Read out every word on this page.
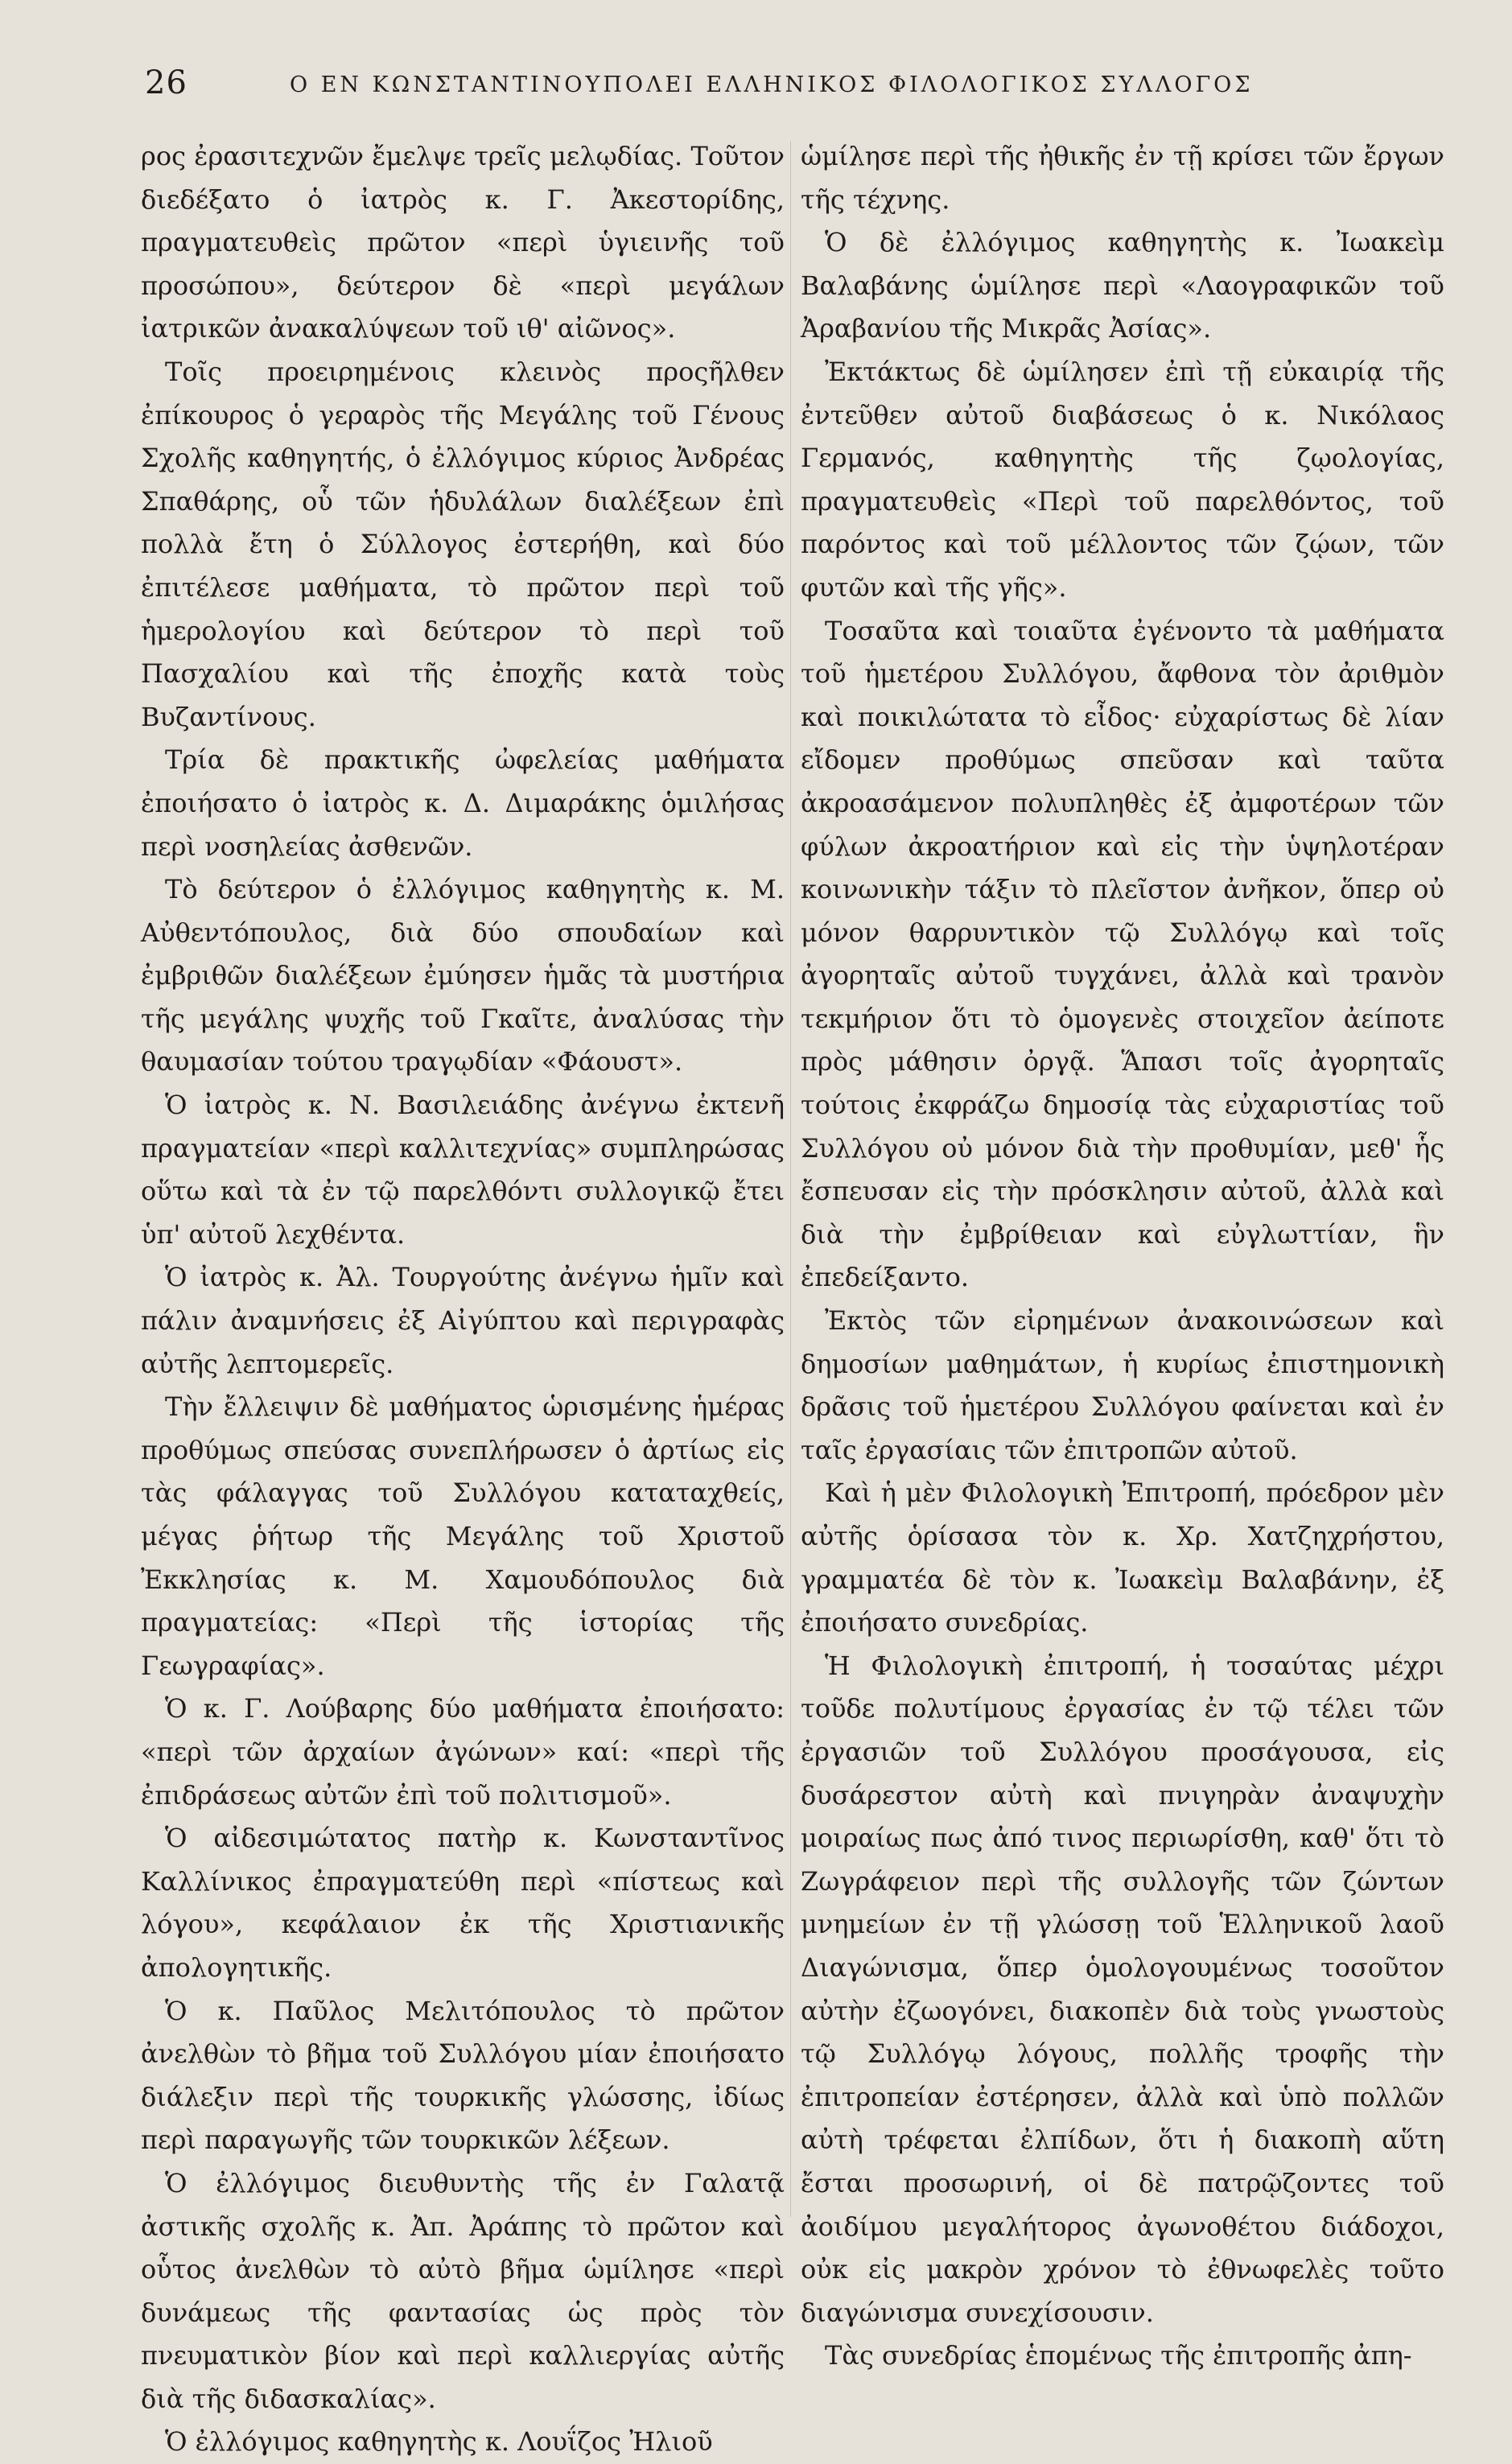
26	Ο ΕΝ ΚΩΝΣΤΑΝΤΙΝΟΥΠΟΛΕΙ ΕΛΛΗΝΙΚΟΣ ΦΙΛΟΛΟΓΙΚΟΣ ΣΥΛΛΟΓΟΣ

ρος ἐρασιτεχνῶν ἔμελψε τρεῖς μελῳδίας. Τοῦτον διεδέξατο ὁ ἰατρὸς κ. Γ. Ἀκεστορίδης, πραγματευθεὶς πρῶτον «περὶ ὑγιεινῆς τοῦ προσώπου», δεύτερον δὲ «περὶ μεγάλων ἰατρικῶν ἀνακαλύψεων τοῦ ιθ' αἰῶνος».

Τοῖς προειρημένοις κλεινὸς προςῆλθεν ἐπίκουρος ὁ γεραρὸς τῆς Μεγάλης τοῦ Γένους Σχολῆς καθηγητής, ὁ ἐλλόγιμος κύριος Ἀνδρέας Σπαθάρης, οὗ τῶν ἡδυλάλων διαλέξεων ἐπὶ πολλὰ ἔτη ὁ Σύλλογος ἐστερήθη, καὶ δύο ἐπιτέλεσε μαθήματα, τὸ πρῶτον περὶ τοῦ ἡμερολογίου καὶ δεύτερον τὸ περὶ τοῦ Πασχαλίου καὶ τῆς ἐποχῆς κατὰ τοὺς Βυζαντίνους.

Τρία δὲ πρακτικῆς ὠφελείας μαθήματα ἐποιήσατο ὁ ἰατρὸς κ. Δ. Διμαράκης ὁμιλήσας περὶ νοσηλείας ἀσθενῶν.

Τὸ δεύτερον ὁ ἐλλόγιμος καθηγητὴς κ. Μ. Αὐθεντόπουλος, διὰ δύο σπουδαίων καὶ ἐμβριθῶν διαλέξεων ἐμύησεν ἡμᾶς τὰ μυστήρια τῆς μεγάλης ψυχῆς τοῦ Γκαῖτε, ἀναλύσας τὴν θαυμασίαν τούτου τραγῳδίαν «Φάουστ».

Ὁ ἰατρὸς κ. Ν. Βασιλειάδης ἀνέγνω ἐκτενῆ πραγματείαν «περὶ καλλιτεχνίας» συμπληρώσας οὕτω καὶ τὰ ἐν τῷ παρελθόντι συλλογικῷ ἔτει ὑπ' αὐτοῦ λεχθέντα.

Ὁ ἰατρὸς κ. Ἀλ. Τουργούτης ἀνέγνω ἡμῖν καὶ πάλιν ἀναμνήσεις ἐξ Αἰγύπτου καὶ περιγραφὰς αὐτῆς λεπτομερεῖς.

Τὴν ἔλλειψιν δὲ μαθήματος ὡρισμένης ἡμέρας προθύμως σπεύσας συνεπλήρωσεν ὁ ἀρτίως εἰς τὰς φάλαγγας τοῦ Συλλόγου καταταχθείς, μέγας ῥήτωρ τῆς Μεγάλης τοῦ Χριστοῦ Ἐκκλησίας κ. Μ. Χαμουδόπουλος διὰ πραγματείας: «Περὶ τῆς ἱστορίας τῆς Γεωγραφίας».

Ὁ κ. Γ. Λούβαρης δύο μαθήματα ἐποιήσατο: «περὶ τῶν ἀρχαίων ἀγώνων» καί: «περὶ τῆς ἐπιδράσεως αὐτῶν ἐπὶ τοῦ πολιτισμοῦ».

Ὁ αἰδεσιμώτατος πατὴρ κ. Κωνσταντῖνος Καλλίνικος ἐπραγματεύθη περὶ «πίστεως καὶ λόγου», κεφάλαιον ἐκ τῆς Χριστιανικῆς ἀπολογητικῆς.

Ὁ κ. Παῦλος Μελιτόπουλος τὸ πρῶτον ἀνελθὼν τὸ βῆμα τοῦ Συλλόγου μίαν ἐποιήσατο διάλεξιν περὶ τῆς τουρκικῆς γλώσσης, ἰδίως περὶ παραγωγῆς τῶν τουρκικῶν λέξεων.

Ὁ ἐλλόγιμος διευθυντὴς τῆς ἐν Γαλατᾷ ἀστικῆς σχολῆς κ. Ἀπ. Ἀράπης τὸ πρῶτον καὶ οὗτος ἀνελθὼν τὸ αὐτὸ βῆμα ὡμίλησε «περὶ δυνάμεως τῆς φαντασίας ὡς πρὸς τὸν πνευματικὸν βίον καὶ περὶ καλλιεργίας αὐτῆς διὰ τῆς διδασκαλίας».

Ὁ ἐλλόγιμος καθηγητὴς κ. Λουΐζος Ἠλιοῦ

ὡμίλησε περὶ τῆς ἠθικῆς ἐν τῇ κρίσει τῶν ἔργων τῆς τέχνης.

Ὁ δὲ ἐλλόγιμος καθηγητὴς κ. Ἰωακεὶμ Βαλαβάνης ὡμίλησε περὶ «Λαογραφικῶν τοῦ Ἀραβανίου τῆς Μικρᾶς Ἀσίας».

Ἐκτάκτως δὲ ὡμίλησεν ἐπὶ τῇ εὐκαιρίᾳ τῆς ἐντεῦθεν αὐτοῦ διαβάσεως ὁ κ. Νικόλαος Γερμανός, καθηγητὴς τῆς ζῳολογίας, πραγματευθεὶς «Περὶ τοῦ παρελθόντος, τοῦ παρόντος καὶ τοῦ μέλλοντος τῶν ζῴων, τῶν φυτῶν καὶ τῆς γῆς».

Τοσαῦτα καὶ τοιαῦτα ἐγένοντο τὰ μαθήματα τοῦ ἡμετέρου Συλλόγου, ἄφθονα τὸν ἀριθμὸν καὶ ποικιλώτατα τὸ εἶδος· εὐχαρίστως δὲ λίαν εἴδομεν προθύμως σπεῦσαν καὶ ταῦτα ἀκροασάμενον πολυπληθὲς ἐξ ἀμφοτέρων τῶν φύλων ἀκροατήριον καὶ εἰς τὴν ὑψηλοτέραν κοινωνικὴν τάξιν τὸ πλεῖστον ἀνῆκον, ὅπερ οὐ μόνον θαρρυντικὸν τῷ Συλλόγῳ καὶ τοῖς ἀγορηταῖς αὐτοῦ τυγχάνει, ἀλλὰ καὶ τρανὸν τεκμήριον ὅτι τὸ ὁμογενὲς στοιχεῖον ἀείποτε πρὸς μάθησιν ὀργᾷ. Ἅπασι τοῖς ἀγορηταῖς τούτοις ἐκφράζω δημοσίᾳ τὰς εὐχαριστίας τοῦ Συλλόγου οὐ μόνον διὰ τὴν προθυμίαν, μεθ' ἧς ἔσπευσαν εἰς τὴν πρόσκλησιν αὐτοῦ, ἀλλὰ καὶ διὰ τὴν ἐμβρίθειαν καὶ εὐγλωττίαν, ἣν ἐπεδείξαντο.

Ἐκτὸς τῶν εἰρημένων ἀνακοινώσεων καὶ δημοσίων μαθημάτων, ἡ κυρίως ἐπιστημονικὴ δρᾶσις τοῦ ἡμετέρου Συλλόγου φαίνεται καὶ ἐν ταῖς ἐργασίαις τῶν ἐπιτροπῶν αὐτοῦ.

Καὶ ἡ μὲν Φιλολογικὴ Ἐπιτροπή, πρόεδρον μὲν αὐτῆς ὁρίσασα τὸν κ. Χρ. Χατζηχρήστου, γραμματέα δὲ τὸν κ. Ἰωακεὶμ Βαλαβάνην, ἐξ ἐποιήσατο συνεδρίας.

Ἡ Φιλολογικὴ ἐπιτροπή, ἡ τοσαύτας μέχρι τοῦδε πολυτίμους ἐργασίας ἐν τῷ τέλει τῶν ἐργασιῶν τοῦ Συλλόγου προσάγουσα, εἰς δυσάρεστον αὐτὴ καὶ πνιγηρὰν ἀναψυχὴν μοιραίως πως ἀπό τινος περιωρίσθη, καθ' ὅτι τὸ Ζωγράφειον περὶ τῆς συλλογῆς τῶν ζώντων μνημείων ἐν τῇ γλώσσῃ τοῦ Ἑλληνικοῦ λαοῦ Διαγώνισμα, ὅπερ ὁμολογουμένως τοσοῦτον αὐτὴν ἐζωογόνει, διακοπὲν διὰ τοὺς γνωστοὺς τῷ Συλλόγῳ λόγους, πολλῆς τροφῆς τὴν ἐπιτροπείαν ἐστέρησεν, ἀλλὰ καὶ ὑπὸ πολλῶν αὐτὴ τρέφεται ἐλπίδων, ὅτι ἡ διακοπὴ αὕτη ἔσται προσωρινή, οἱ δὲ πατρῷζοντες τοῦ ἀοιδίμου μεγαλήτορος ἀγωνοθέτου διάδοχοι, οὐκ εἰς μακρὸν χρόνον τὸ ἐθνωφελὲς τοῦτο διαγώνισμα συνεχίσουσιν.

Τὰς συνεδρίας ἑπομένως τῆς ἐπιτροπῆς ἀπη-
